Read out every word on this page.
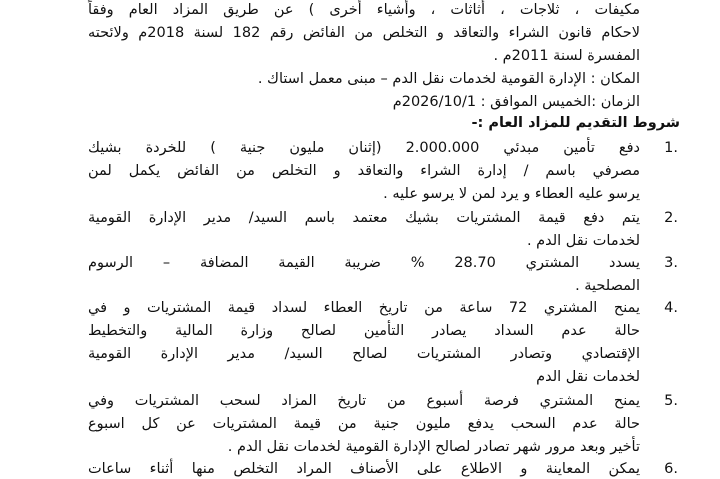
مكيفات ، ثلاجات ، أثاثات ، وأشياء أخرى ) عن طريق المزاد العام وفقاً
لاحكام قانون الشراء والتعاقد و التخلص من الفائض رقم 182 لسنة 2018م ولائحته
المفسرة لسنة 2011م .
المكان : الإدارة القومية لخدمات نقل الدم – مبنى معمل استاك .
الزمان :الخميس الموافق : 2026/10/1م
شروط التقديم للمزاد العام :-
1.
دفع تأمين مبدئي 2.000.000 (إثنان مليون جنية ) للخردة بشيك
مصرفي باسم / إدارة الشراء والتعاقد و التخلص من الفائض يكمل لمن
يرسو عليه العطاء و يرد لمن لا يرسو عليه .
2.
يتم دفع قيمة المشتريات بشيك معتمد باسم السيد/ مدير الإدارة القومية
لخدمات نقل الدم .
3.
يسدد المشتري 28.70 % ضريبة القيمة المضافة – الرسوم
المصلحية .
4.
يمنح المشتري 72 ساعة من تاريخ العطاء لسداد قيمة المشتريات و في
حالة عدم السداد يصادر التأمين لصالح وزارة المالية والتخطيط
الإقتصادي وتصادر المشتريات لصالح السيد/ مدير الإدارة القومية
لخدمات نقل الدم
5.
يمنح المشتري فرصة أسبوع من تاريخ المزاد لسحب المشتريات وفي
حالة عدم السحب يدفع مليون جنية من قيمة المشتريات عن كل اسبوع
تأخير وبعد مرور شهر تصادر لصالح الإدارة القومية لخدمات نقل الدم .
6.
يمكن المعاينة و الاطلاع على الأصناف المراد التخلص منها أثناء ساعات
